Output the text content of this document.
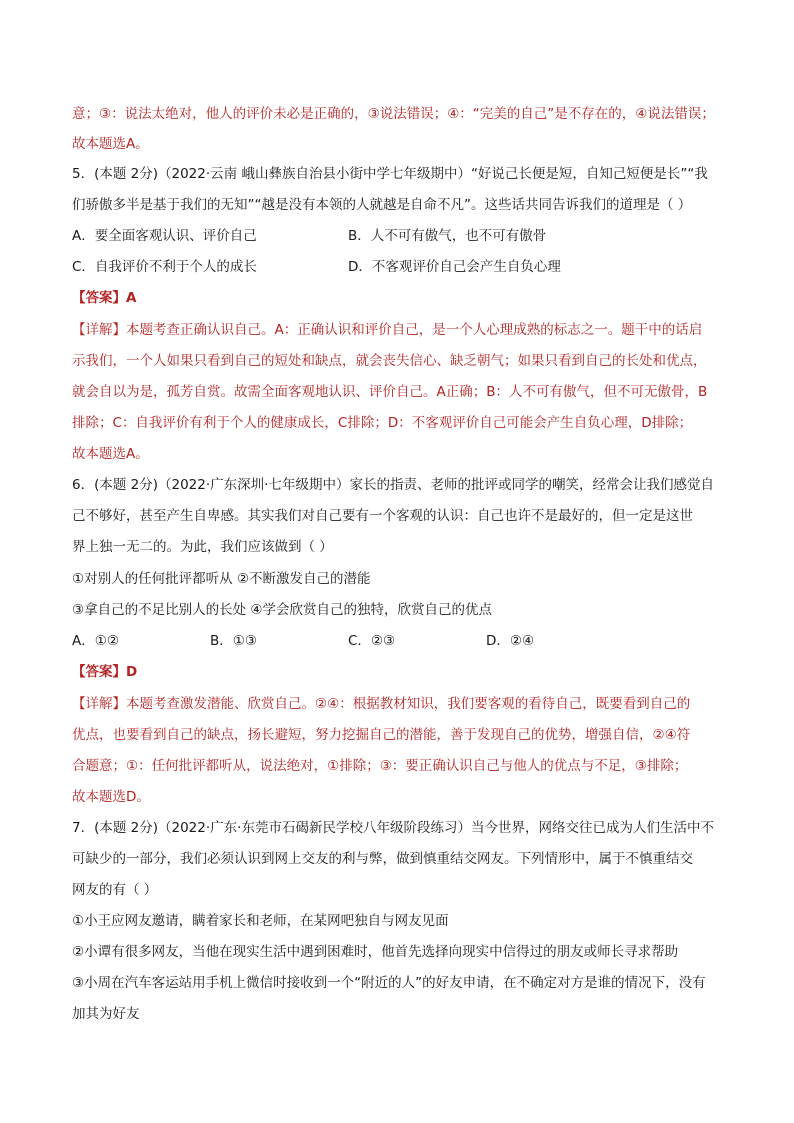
意；③：说法太绝对，他人的评价未必是正确的，③说法错误；④：“完美的自己”是不存在的，④说法错误；
故本题选A。
5．(本题 2分)（2022·云南 峨山彝族自治县小街中学七年级期中）“好说己长便是短，自知己短便是长”“我
们骄傲多半是基于我们的无知”“越是没有本领的人就越是自命不凡”。这些话共同告诉我们的道理是（ ）
A．要全面客观认识、评价自己	B．人不可有傲气，也不可有傲骨
C．自我评价不利于个人的成长	D．不客观评价自己会产生自负心理
【答案】A
【详解】本题考查正确认识自己。A：正确认识和评价自己，是一个人心理成熟的标志之一。题干中的话启
示我们，一个人如果只看到自己的短处和缺点，就会丧失信心、缺乏朝气；如果只看到自己的长处和优点，
就会自以为是，孤芳自赏。故需全面客观地认识、评价自己。A正确；B：人不可有傲气，但不可无傲骨，B
排除；C：自我评价有利于个人的健康成长，C排除；D：不客观评价自己可能会产生自负心理，D排除；
故本题选A。
6．(本题 2分)（2022·广东深圳·七年级期中）家长的指责、老师的批评或同学的嘲笑，经常会让我们感觉自
己不够好，甚至产生自卑感。其实我们对自己要有一个客观的认识：自己也许不是最好的，但一定是这世
界上独一无二的。为此，我们应该做到（ ）
①对别人的任何批评都听从 ②不断激发自己的潜能
③拿自己的不足比别人的长处 ④学会欣赏自己的独特，欣赏自己的优点
A．①②	B．①③	C．②③	D．②④
【答案】D
【详解】本题考查激发潜能、欣赏自己。②④：根据教材知识，我们要客观的看待自己，既要看到自己的
优点，也要看到自己的缺点，扬长避短，努力挖掘自己的潜能，善于发现自己的优势，增强自信，②④符
合题意；①：任何批评都听从，说法绝对，①排除；③：要正确认识自己与他人的优点与不足，③排除；
故本题选D。
7．(本题 2分)（2022·广东·东莞市石碣新民学校八年级阶段练习）当今世界，网络交往已成为人们生活中不
可缺少的一部分，我们必须认识到网上交友的利与弊，做到慎重结交网友。下列情形中，属于不慎重结交
网友的有（ ）
①小王应网友邀请，瞒着家长和老师，在某网吧独自与网友见面
②小谭有很多网友，当他在现实生活中遇到困难时，他首先选择向现实中信得过的朋友或师长寻求帮助
③小周在汽车客运站用手机上微信时接收到一个“附近的人”的好友申请，在不确定对方是谁的情况下，没有
加其为好友
